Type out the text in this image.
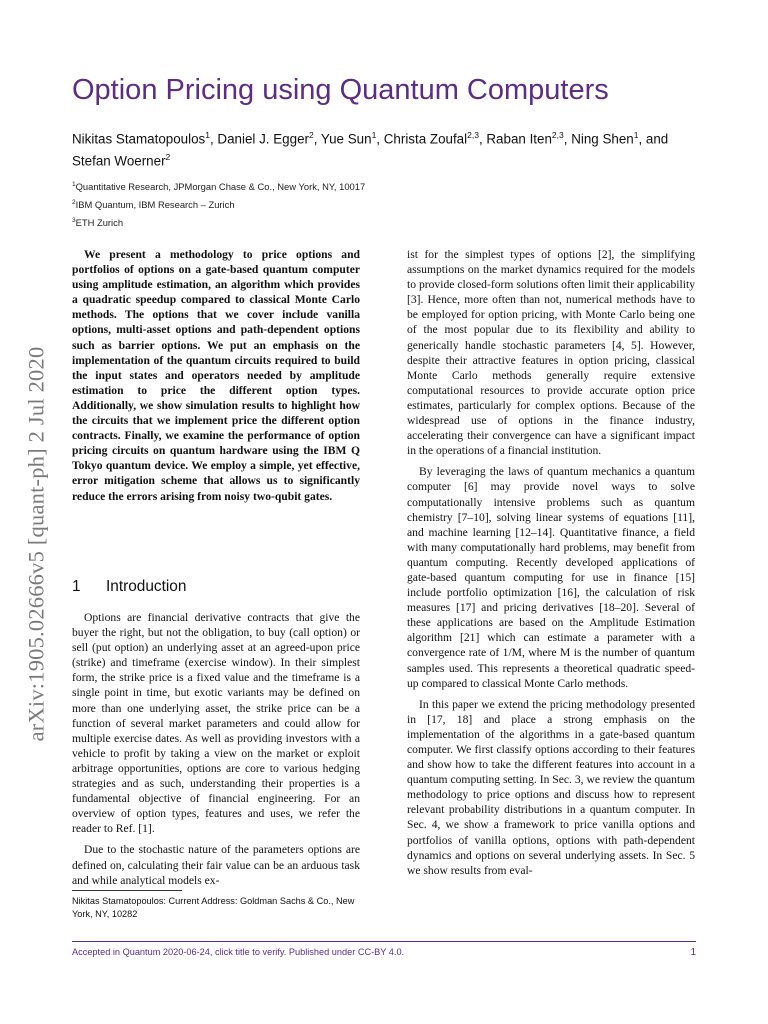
arXiv:1905.02666v5 [quant-ph] 2 Jul 2020
Option Pricing using Quantum Computers
Nikitas Stamatopoulos$^1$, Daniel J. Egger$^2$, Yue Sun$^1$, Christa Zoufal$^{2,3}$, Raban Iten$^{2,3}$, Ning Shen$^1$, and Stefan Woerner$^2$
$^1$Quantitative Research, JPMorgan Chase & Co., New York, NY, 10017
$^2$IBM Quantum, IBM Research – Zurich
$^3$ETH Zurich

We present a methodology to price options and portfolios of options on a gate-based quantum computer using amplitude estimation, an algorithm which provides a quadratic speedup compared to classical Monte Carlo methods. The options that we cover include vanilla options, multi-asset options and path-dependent options such as barrier options. We put an emphasis on the implementation of the quantum circuits required to build the input states and operators needed by amplitude estimation to price the different option types. Additionally, we show simulation results to highlight how the circuits that we implement price the different option contracts. Finally, we examine the performance of option pricing circuits on quantum hardware using the IBM Q Tokyo quantum device. We employ a simple, yet effective, error mitigation scheme that allows us to significantly reduce the errors arising from noisy two-qubit gates.

1 Introduction

Options are financial derivative contracts that give the buyer the right, but not the obligation, to buy (call option) or sell (put option) an underlying asset at an agreed-upon price (strike) and timeframe (exercise window). In their simplest form, the strike price is a fixed value and the timeframe is a single point in time, but exotic variants may be defined on more than one underlying asset, the strike price can be a function of several market parameters and could allow for multiple exercise dates. As well as providing investors with a vehicle to profit by taking a view on the market or exploit arbitrage opportunities, options are core to various hedging strategies and as such, understanding their properties is a fundamental objective of financial engineering. For an overview of option types, features and uses, we refer the reader to Ref. [1].

Due to the stochastic nature of the parameters options are defined on, calculating their fair value can be an arduous task and while analytical models ex-

ist for the simplest types of options [2], the simplifying assumptions on the market dynamics required for the models to provide closed-form solutions often limit their applicability [3]. Hence, more often than not, numerical methods have to be employed for option pricing, with Monte Carlo being one of the most popular due to its flexibility and ability to generically handle stochastic parameters [4, 5]. However, despite their attractive features in option pricing, classical Monte Carlo methods generally require extensive computational resources to provide accurate option price estimates, particularly for complex options. Because of the widespread use of options in the finance industry, accelerating their convergence can have a significant impact in the operations of a financial institution.

By leveraging the laws of quantum mechanics a quantum computer [6] may provide novel ways to solve computationally intensive problems such as quantum chemistry [7–10], solving linear systems of equations [11], and machine learning [12–14]. Quantitative finance, a field with many computationally hard problems, may benefit from quantum computing. Recently developed applications of gate-based quantum computing for use in finance [15] include portfolio optimization [16], the calculation of risk measures [17] and pricing derivatives [18–20]. Several of these applications are based on the Amplitude Estimation algorithm [21] which can estimate a parameter with a convergence rate of 1/M, where M is the number of quantum samples used. This represents a theoretical quadratic speed-up compared to classical Monte Carlo methods.

In this paper we extend the pricing methodology presented in [17, 18] and place a strong emphasis on the implementation of the algorithms in a gate-based quantum computer. We first classify options according to their features and show how to take the different features into account in a quantum computing setting. In Sec. 3, we review the quantum methodology to price options and discuss how to represent relevant probability distributions in a quantum computer. In Sec. 4, we show a framework to price vanilla options and portfolios of vanilla options, options with path-dependent dynamics and options on several underlying assets. In Sec. 5 we show results from eval-

Nikitas Stamatopoulos: Current Address: Goldman Sachs & Co., New York, NY, 10282
Accepted in Quantum 2020-06-24, click title to verify. Published under CC-BY 4.0.	1
